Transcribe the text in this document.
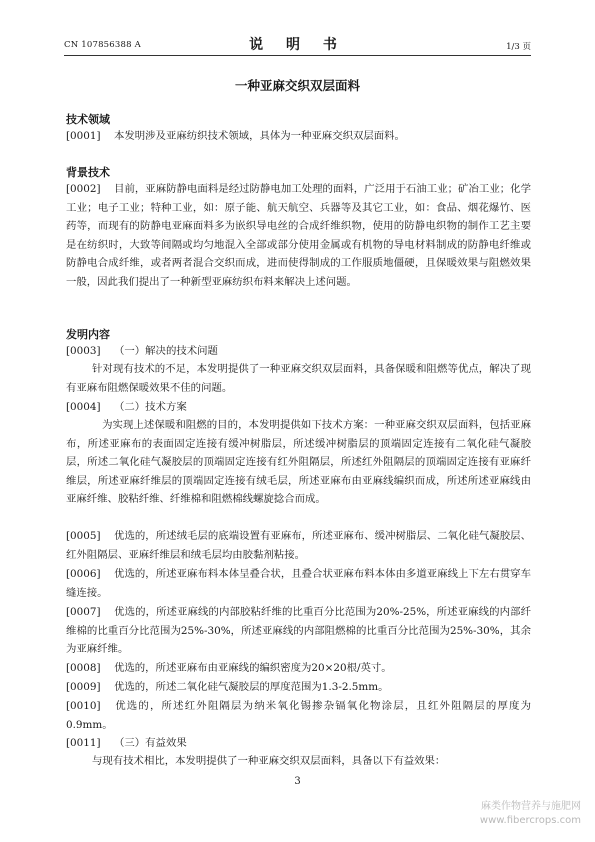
CN 107856388 A	说 明 书	1/3 页
一种亚麻交织双层面料
技术领域
[0001] 本发明涉及亚麻纺织技术领域，具体为一种亚麻交织双层面料。
背景技术
[0002] 目前，亚麻防静电面料是经过防静电加工处理的面料，广泛用于石油工业；矿冶工业；化学工业；电子工业；特种工业，如：原子能、航天航空、兵器等及其它工业，如：食品、烟花爆竹、医药等，而现有的防静电亚麻面料多为嵌织导电丝的合成纤维织物，使用的防静电织物的制作工艺主要是在纺织时，大致等间隔或均匀地混入全部或部分使用金属或有机物的导电材料制成的防静电纤维或防静电合成纤维，或者两者混合交织而成，进而使得制成的工作服质地僵硬，且保暖效果与阻燃效果一般，因此我们提出了一种新型亚麻纺织布料来解决上述问题。
发明内容
[0003] （一）解决的技术问题
针对现有技术的不足，本发明提供了一种亚麻交织双层面料，具备保暖和阻燃等优点，解决了现有亚麻布阻燃保暖效果不佳的问题。
[0004] （二）技术方案
为实现上述保暖和阻燃的目的，本发明提供如下技术方案：一种亚麻交织双层面料，包括亚麻布，所述亚麻布的表面固定连接有缓冲树脂层，所述缓冲树脂层的顶端固定连接有二氧化硅气凝胶层，所述二氧化硅气凝胶层的顶端固定连接有红外阻隔层，所述红外阻隔层的顶端固定连接有亚麻纤维层，所述亚麻纤维层的顶端固定连接有绒毛层，所述亚麻布由亚麻线编织而成，所述所述亚麻线由亚麻纤维、胶粘纤维、纤维棉和阻燃棉线螺旋捻合而成。
[0005] 优选的，所述绒毛层的底端设置有亚麻布，所述亚麻布、缓冲树脂层、二氧化硅气凝胶层、红外阻隔层、亚麻纤维层和绒毛层均由胶黏剂粘接。
[0006] 优选的，所述亚麻布料本体呈叠合状，且叠合状亚麻布料本体由多道亚麻线上下左右贯穿车缝连接。
[0007] 优选的，所述亚麻线的内部胶粘纤维的比重百分比范围为20%-25%，所述亚麻线的内部纤维棉的比重百分比范围为25%-30%，所述亚麻线的内部阻燃棉的比重百分比范围为25%-30%，其余为亚麻纤维。
[0008] 优选的，所述亚麻布由亚麻线的编织密度为20×20根/英寸。
[0009] 优选的，所述二氧化硅气凝胶层的厚度范围为1.3-2.5mm。
[0010] 优选的，所述红外阻隔层为纳米氧化锡掺杂镉氧化物涂层，且红外阻隔层的厚度为0.9mm。
[0011] （三）有益效果
与现有技术相比，本发明提供了一种亚麻交织双层面料，具备以下有益效果：
3
麻类作物营养与施肥网
www.fibercrops.com
